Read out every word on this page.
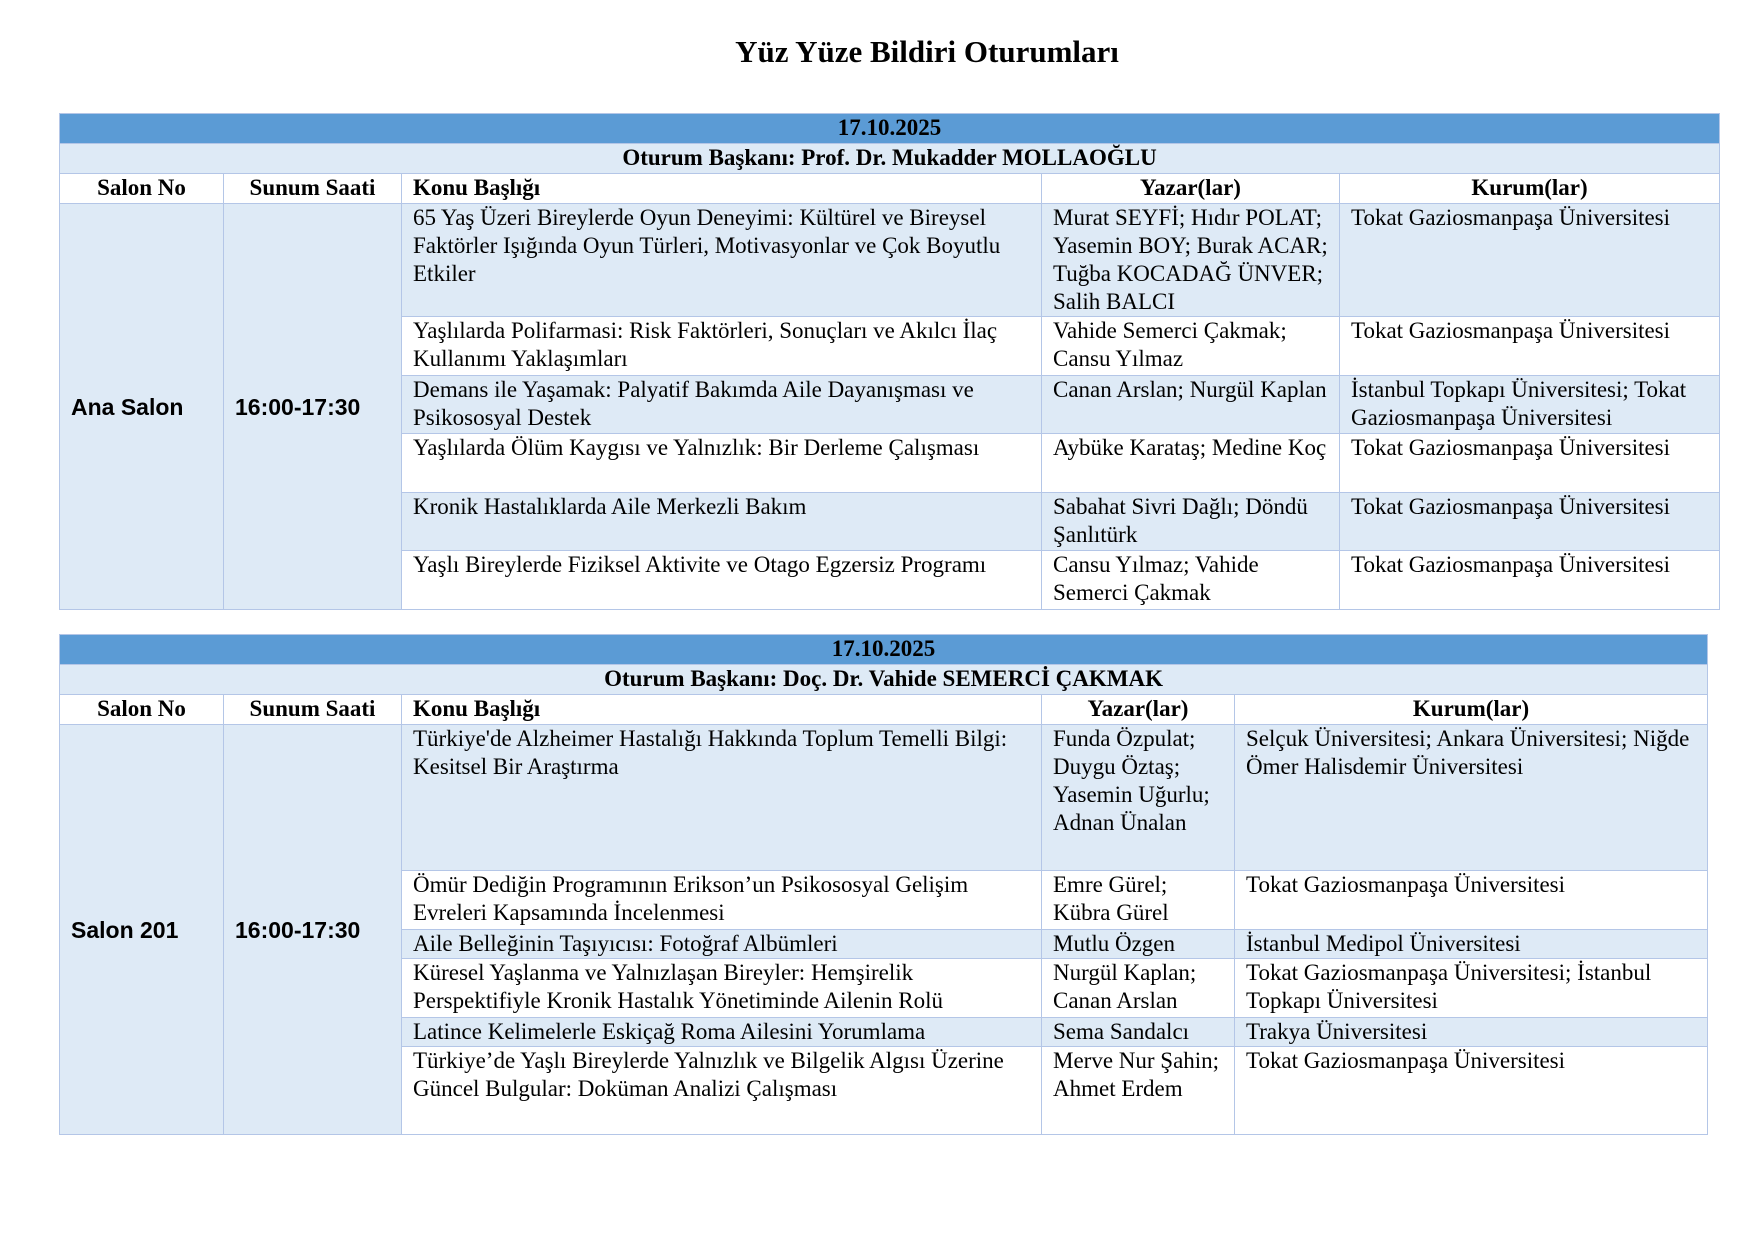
Yüz Yüze Bildiri Oturumları
17.10.2025				
Oturum Başkanı: Prof. Dr. Mukadder MOLLAOĞLU				
Salon No	Sunum Saati	Konu Başlığı	Yazar(lar)	Kurum(lar)
Ana Salon	16:00-17:30	65 Yaş Üzeri Bireylerde Oyun Deneyimi: Kültürel ve Bireysel Faktörler Işığında Oyun Türleri, Motivasyonlar ve Çok Boyutlu Etkiler	Murat SEYFİ; Hıdır POLAT; Yasemin BOY; Burak ACAR; Tuğba KOCADAĞ ÜNVER; Salih BALCI	Tokat Gaziosmanpaşa Üniversitesi
		Yaşlılarda Polifarmasi: Risk Faktörleri, Sonuçları ve Akılcı İlaç Kullanımı Yaklaşımları	Vahide Semerci Çakmak; Cansu Yılmaz	Tokat Gaziosmanpaşa Üniversitesi
		Demans ile Yaşamak: Palyatif Bakımda Aile Dayanışması ve Psikososyal Destek	Canan Arslan; Nurgül Kaplan	İstanbul Topkapı Üniversitesi; Tokat Gaziosmanpaşa Üniversitesi
		Yaşlılarda Ölüm Kaygısı ve Yalnızlık: Bir Derleme Çalışması	Aybüke Karataş; Medine Koç	Tokat Gaziosmanpaşa Üniversitesi
		Kronik Hastalıklarda Aile Merkezli Bakım	Sabahat Sivri Dağlı; Döndü Şanlıtürk	Tokat Gaziosmanpaşa Üniversitesi
		Yaşlı Bireylerde Fiziksel Aktivite ve Otago Egzersiz Programı	Cansu Yılmaz; Vahide Semerci Çakmak	Tokat Gaziosmanpaşa Üniversitesi
17.10.2025				
Oturum Başkanı: Doç. Dr. Vahide SEMERCİ ÇAKMAK				
Salon No	Sunum Saati	Konu Başlığı	Yazar(lar)	Kurum(lar)
Salon 201	16:00-17:30	Türkiye'de Alzheimer Hastalığı Hakkında Toplum Temelli Bilgi: Kesitsel Bir Araştırma	Funda Özpulat; Duygu Öztaş; Yasemin Uğurlu; Adnan Ünalan	Selçuk Üniversitesi; Ankara Üniversitesi; Niğde Ömer Halisdemir Üniversitesi
		Ömür Dediğin Programının Erikson’un Psikososyal Gelişim Evreleri Kapsamında İncelenmesi	Emre Gürel; Kübra Gürel	Tokat Gaziosmanpaşa Üniversitesi
		Aile Belleğinin Taşıyıcısı: Fotoğraf Albümleri	Mutlu Özgen	İstanbul Medipol Üniversitesi
		Küresel Yaşlanma ve Yalnızlaşan Bireyler: Hemşirelik Perspektifiyle Kronik Hastalık Yönetiminde Ailenin Rolü	Nurgül Kaplan; Canan Arslan	Tokat Gaziosmanpaşa Üniversitesi; İstanbul Topkapı Üniversitesi
		Latince Kelimelerle Eskiçağ Roma Ailesini Yorumlama	Sema Sandalcı	Trakya Üniversitesi
		Türkiye’de Yaşlı Bireylerde Yalnızlık ve Bilgelik Algısı Üzerine Güncel Bulgular: Doküman Analizi Çalışması	Merve Nur Şahin; Ahmet Erdem	Tokat Gaziosmanpaşa Üniversitesi
